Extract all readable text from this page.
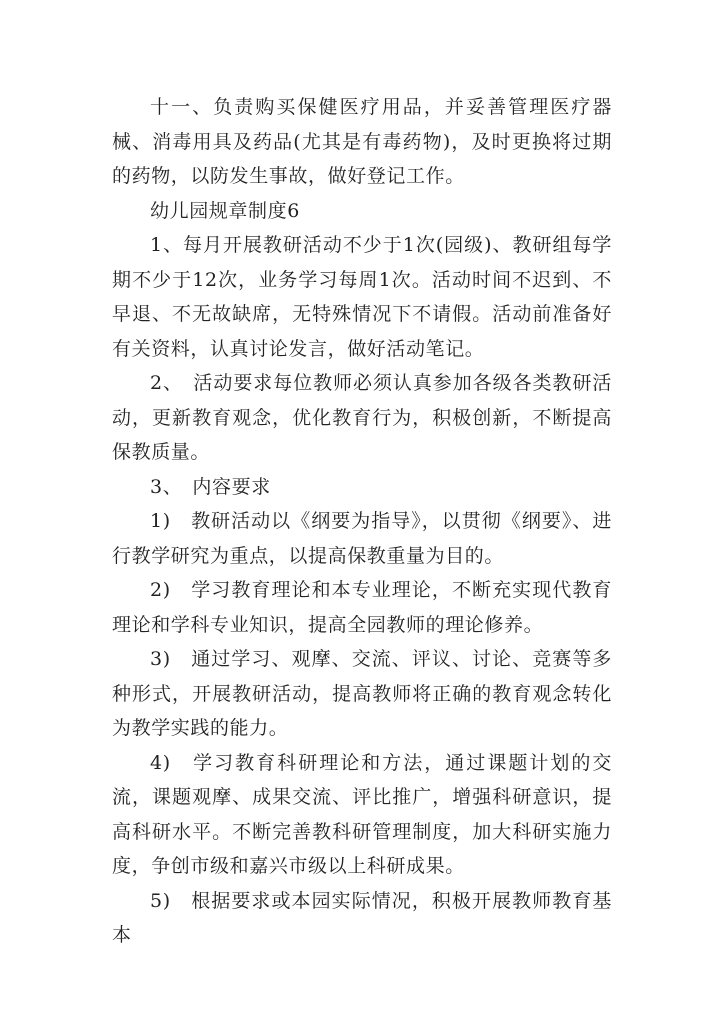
十一、负责购买保健医疗用品，并妥善管理医疗器械、消毒用具及药品(尤其是有毒药物)，及时更换将过期的药物，以防发生事故，做好登记工作。

幼儿园规章制度6

1、每月开展教研活动不少于1次(园级)、教研组每学期不少于12次，业务学习每周1次。活动时间不迟到、不早退、不无故缺席，无特殊情况下不请假。活动前准备好有关资料，认真讨论发言，做好活动笔记。

2、　活动要求每位教师必须认真参加各级各类教研活动，更新教育观念，优化教育行为，积极创新，不断提高保教质量。

3、　内容要求

1)　教研活动以《纲要为指导》，以贯彻《纲要》、进行教学研究为重点，以提高保教重量为目的。

2)　学习教育理论和本专业理论，不断充实现代教育理论和学科专业知识，提高全园教师的理论修养。

3)　通过学习、观摩、交流、评议、讨论、竞赛等多种形式，开展教研活动，提高教师将正确的教育观念转化为教学实践的能力。

4)　学习教育科研理论和方法，通过课题计划的交流，课题观摩、成果交流、评比推广，增强科研意识，提高科研水平。不断完善教科研管理制度，加大科研实施力度，争创市级和嘉兴市级以上科研成果。

5)　根据要求或本园实际情况，积极开展教师教育基本
